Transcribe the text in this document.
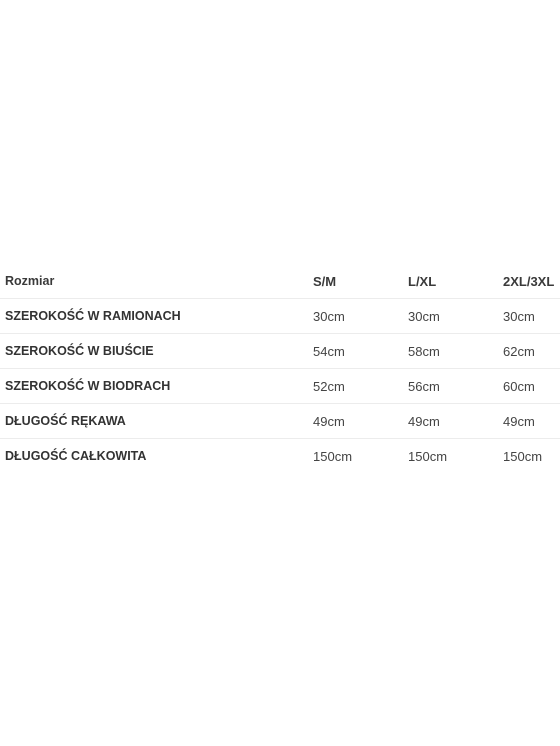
Rozmiar	S/M	L/XL	2XL/3XL
SZEROKOŚĆ W RAMIONACH	30cm	30cm	30cm
SZEROKOŚĆ W BIUŚCIE	54cm	58cm	62cm
SZEROKOŚĆ W BIODRACH	52cm	56cm	60cm
DŁUGOŚĆ RĘKAWA	49cm	49cm	49cm
DŁUGOŚĆ CAŁKOWITA	150cm	150cm	150cm
